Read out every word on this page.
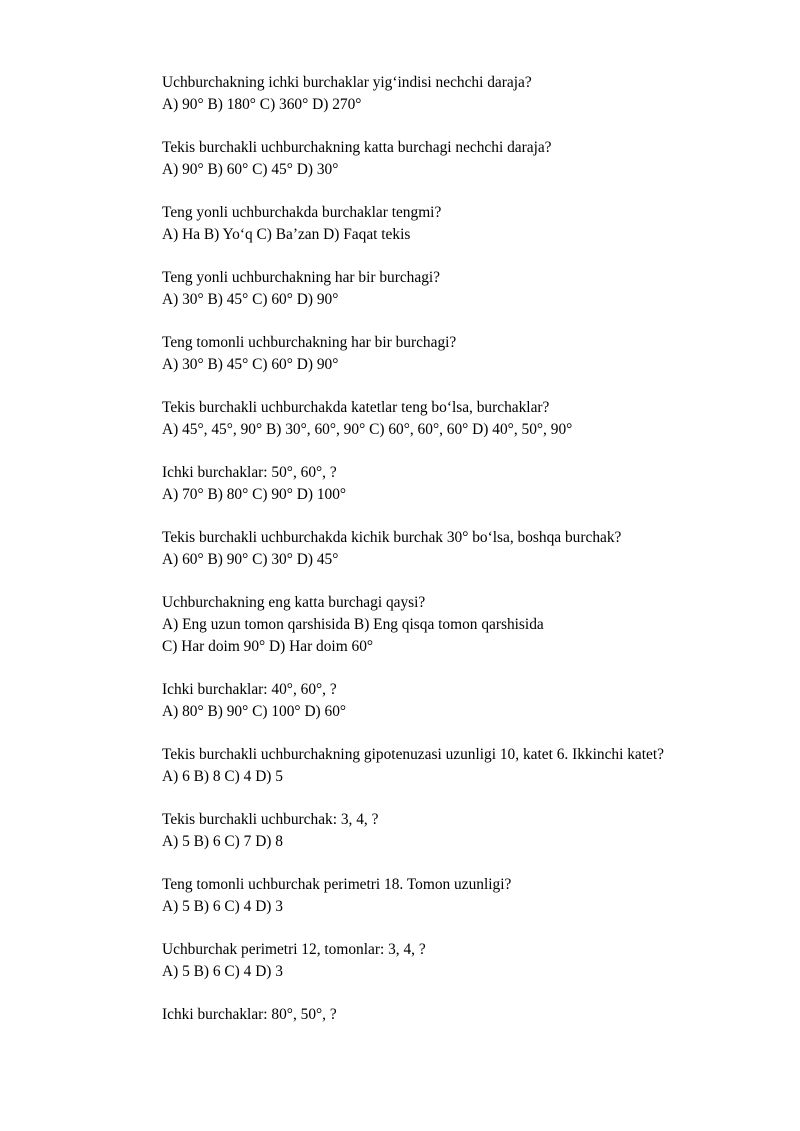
Uchburchakning ichki burchaklar yigʻindisi nechchi daraja?

A) 90° B) 180° C) 360° D) 270°

Tekis burchakli uchburchakning katta burchagi nechchi daraja?

A) 90° B) 60° C) 45° D) 30°

Teng yonli uchburchakda burchaklar tengmi?

A) Ha B) Yoʻq C) Ba’zan D) Faqat tekis

Teng yonli uchburchakning har bir burchagi?

A) 30° B) 45° C) 60° D) 90°

Teng tomonli uchburchakning har bir burchagi?

A) 30° B) 45° C) 60° D) 90°

Tekis burchakli uchburchakda katetlar teng boʻlsa, burchaklar?

A) 45°, 45°, 90° B) 30°, 60°, 90° C) 60°, 60°, 60° D) 40°, 50°, 90°

Ichki burchaklar: 50°, 60°, ?

A) 70° B) 80° C) 90° D) 100°

Tekis burchakli uchburchakda kichik burchak 30° boʻlsa, boshqa burchak?

A) 60° B) 90° C) 30° D) 45°

Uchburchakning eng katta burchagi qaysi?

A) Eng uzun tomon qarshisida B) Eng qisqa tomon qarshisida

C) Har doim 90° D) Har doim 60°

Ichki burchaklar: 40°, 60°, ?

A) 80° B) 90° C) 100° D) 60°

Tekis burchakli uchburchakning gipotenuzasi uzunligi 10, katet 6. Ikkinchi katet?

A) 6 B) 8 C) 4 D) 5

Tekis burchakli uchburchak: 3, 4, ?

A) 5 B) 6 C) 7 D) 8

Teng tomonli uchburchak perimetri 18. Tomon uzunligi?

A) 5 B) 6 C) 4 D) 3

Uchburchak perimetri 12, tomonlar: 3, 4, ?

A) 5 B) 6 C) 4 D) 3

Ichki burchaklar: 80°, 50°, ?
